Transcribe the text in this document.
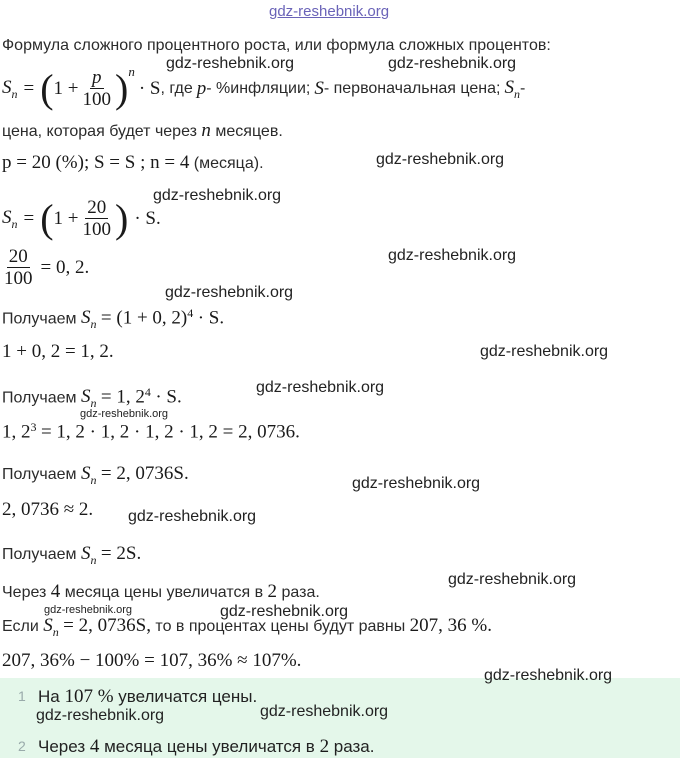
gdz-reshebnik.org
Формула сложного процентного роста, или формула сложных процентов:
$S_n$ = ( $1 + \frac{p}{100}$ ) n
· S , где p - % инфляции; S - первоначальная цена; $S_n$ -
цена, которая будет через n месяцев.
p = 20 (%); S = S ; n = 4 (месяца).
$S_n$ = ( $1 + \frac{20}{100}$ ) · S.
$\frac{20}{100} = 0$, 2.
Получаем $S_n = (1 + 0$, 2)$^4$ · S.
1 + 0, 2 = 1, 2.
Получаем $S_n = 1$, $2^4 \cdot S$.
1, $2^3 = 1$, 2 · 1, 2 · 1, 2 · 1, 2 = 2, 0736.
Получаем $S_n = 2$, 0736S.
2, 0736 ≈ 2.
Получаем $S_n = 2S$.
Через 4 месяца цены увеличатся в 2 раза.
Если $S_n = 2$, 0736S, то в процентах цены будут равны 207, 36 %.
207, 36% − 100% = 107, 36% ≈ 107%.
1 На 107 % увеличатся цены.
2 Через 4 месяца цены увеличатся в 2 раза.
gdz-reshebnik.org	gdz-reshebnik.org
gdz-reshebnik.org
gdz-reshebnik.org
gdz-reshebnik.org
gdz-reshebnik.org
gdz-reshebnik.org
gdz-reshebnik.org
gdz-reshebnik.org
gdz-reshebnik.org
gdz-reshebnik.org
gdz-reshebnik.org
gdz-reshebnik.org	gdz-reshebnik.org
gdz-reshebnik.org
gdz-reshebnik.org	gdz-reshebnik.org
